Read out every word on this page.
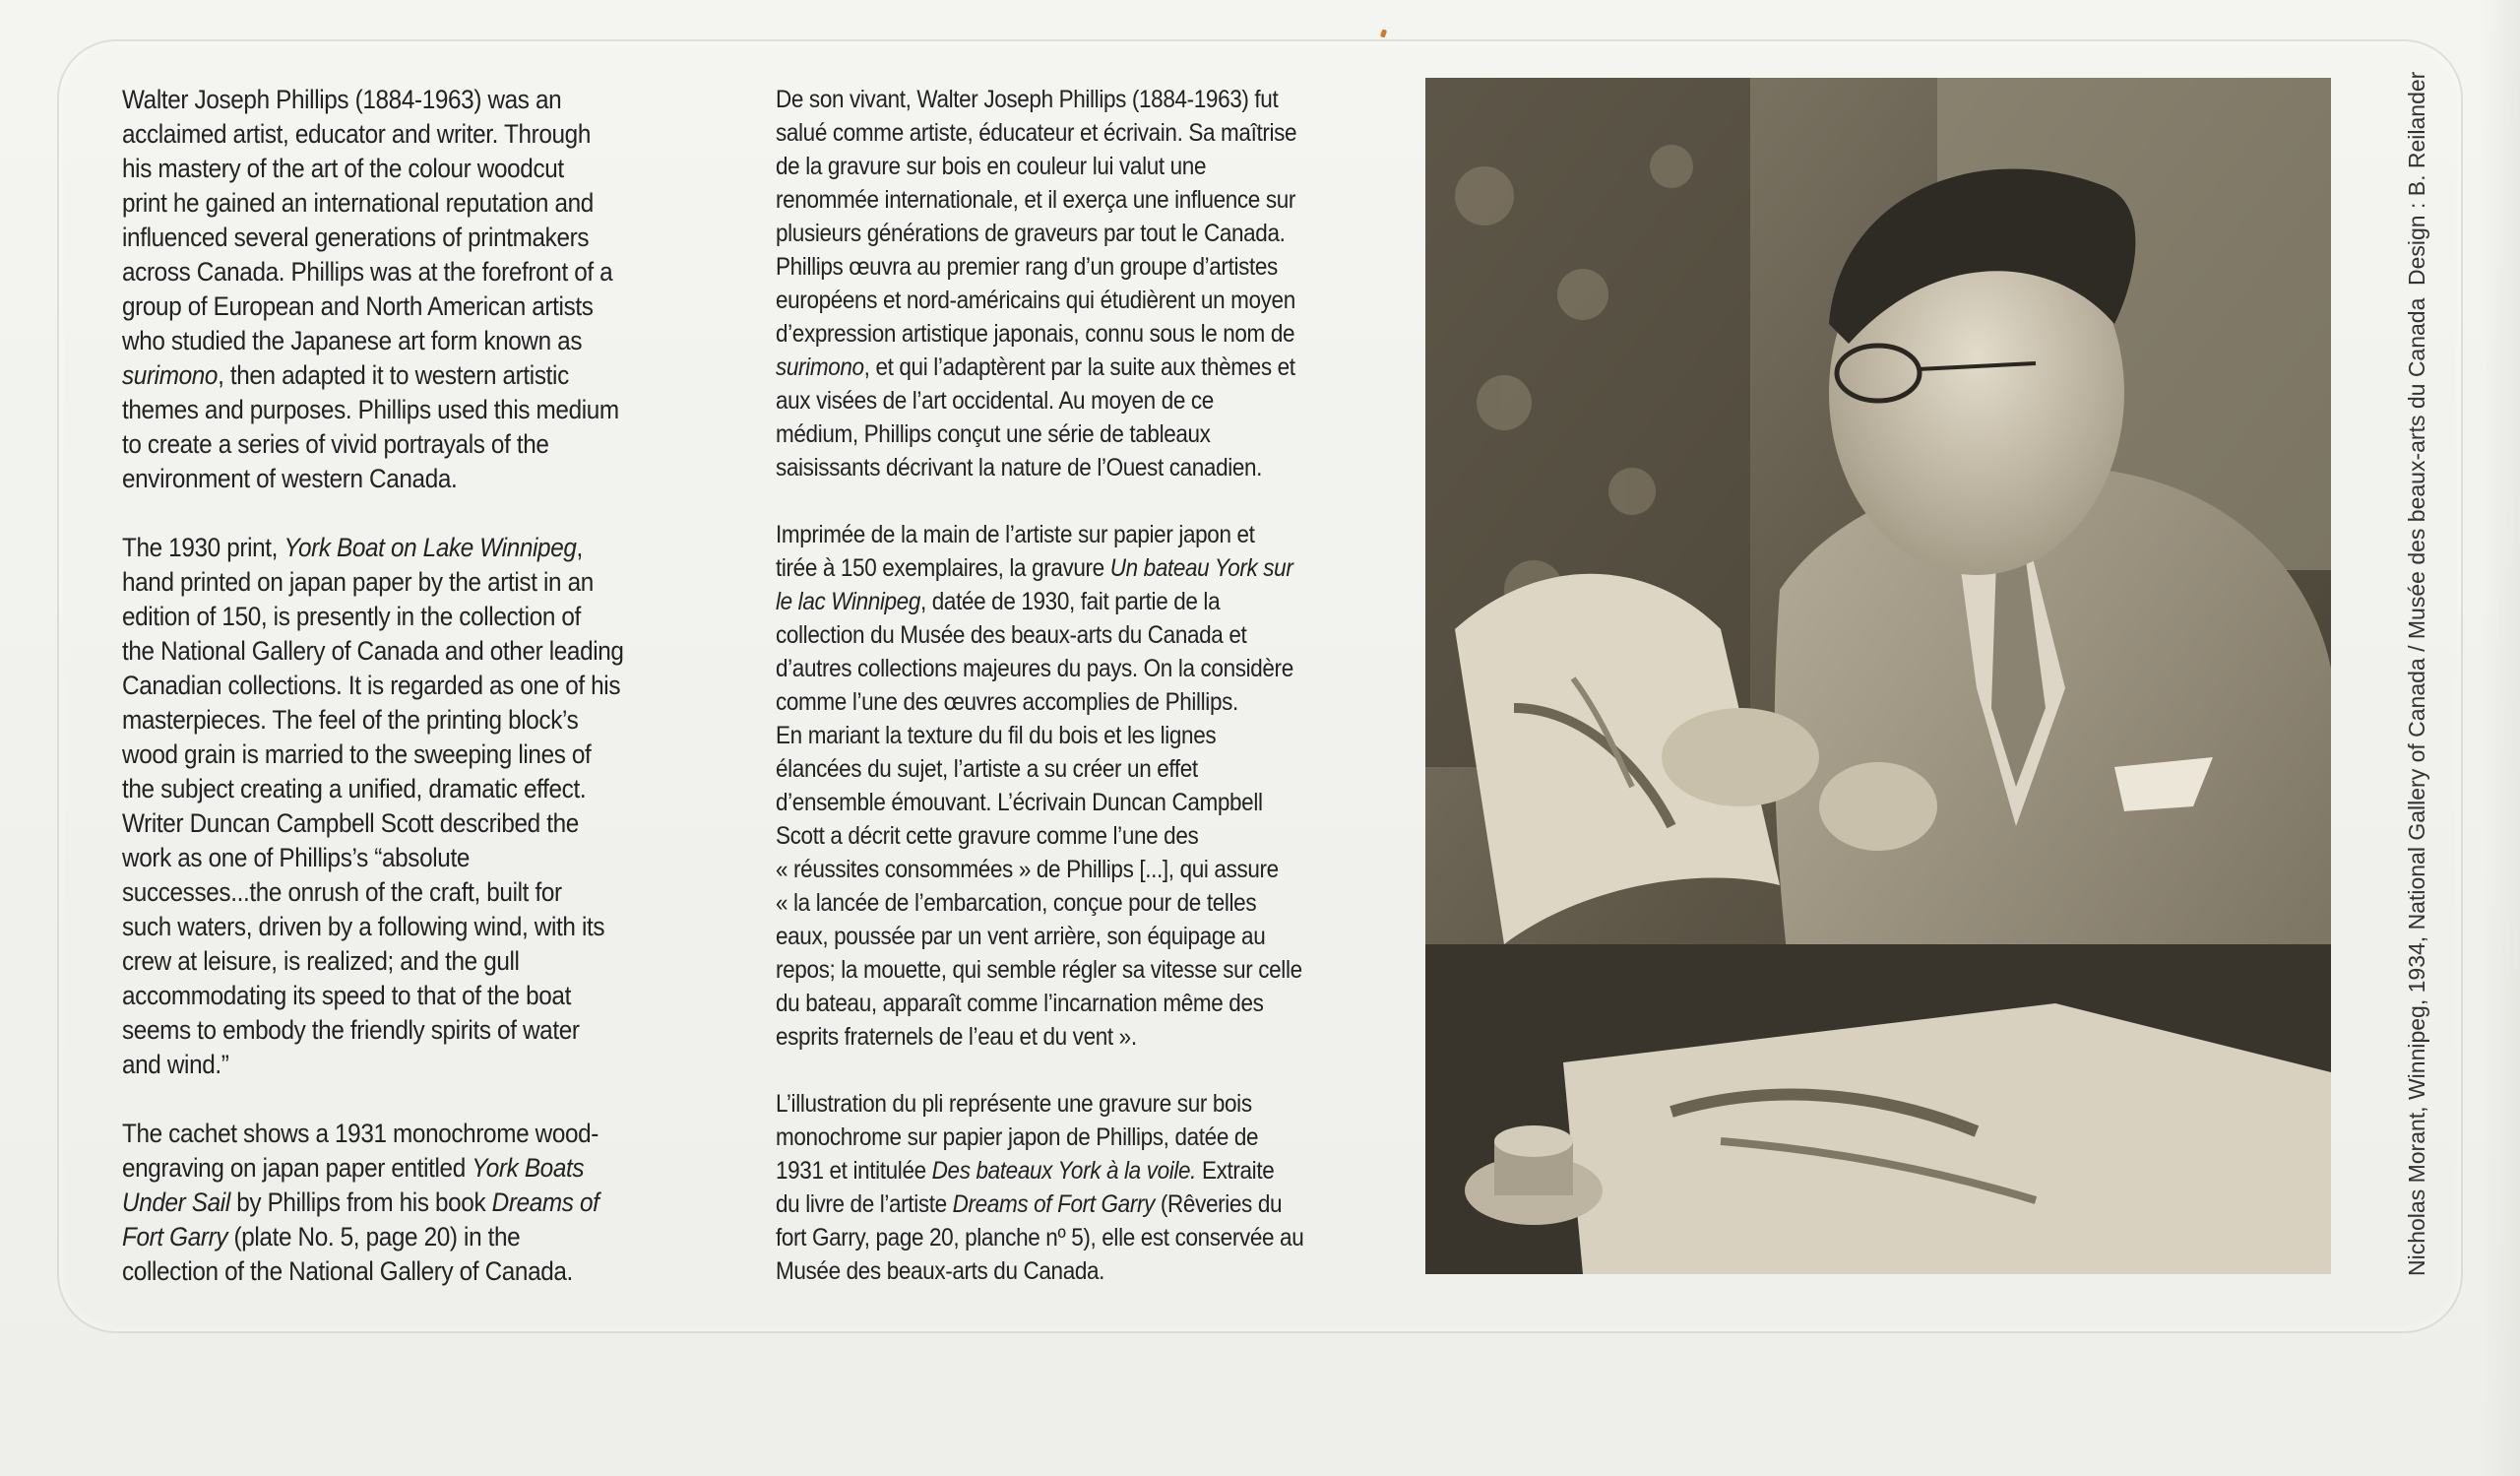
Walter Joseph Phillips (1884-1963) was an
acclaimed artist, educator and writer. Through
his mastery of the art of the colour woodcut
print he gained an international reputation and
influenced several generations of printmakers
across Canada. Phillips was at the forefront of a
group of European and North American artists
who studied the Japanese art form known as
surimono, then adapted it to western artistic
themes and purposes. Phillips used this medium
to create a series of vivid portrayals of the
environment of western Canada.

The 1930 print, York Boat on Lake Winnipeg,
hand printed on japan paper by the artist in an
edition of 150, is presently in the collection of
the National Gallery of Canada and other leading
Canadian collections. It is regarded as one of his
masterpieces. The feel of the printing block’s
wood grain is married to the sweeping lines of
the subject creating a unified, dramatic effect.
Writer Duncan Campbell Scott described the
work as one of Phillips’s “absolute
successes...the onrush of the craft, built for
such waters, driven by a following wind, with its
crew at leisure, is realized; and the gull
accommodating its speed to that of the boat
seems to embody the friendly spirits of water
and wind.”

The cachet shows a 1931 monochrome wood-
engraving on japan paper entitled York Boats
Under Sail by Phillips from his book Dreams of
Fort Garry (plate No. 5, page 20) in the
collection of the National Gallery of Canada.

De son vivant, Walter Joseph Phillips (1884-1963) fut
salué comme artiste, éducateur et écrivain. Sa maîtrise
de la gravure sur bois en couleur lui valut une
renommée internationale, et il exerça une influence sur
plusieurs générations de graveurs par tout le Canada.
Phillips œuvra au premier rang d’un groupe d’artistes
européens et nord-américains qui étudièrent un moyen
d’expression artistique japonais, connu sous le nom de
surimono, et qui l’adaptèrent par la suite aux thèmes et
aux visées de l’art occidental. Au moyen de ce
médium, Phillips conçut une série de tableaux
saisissants décrivant la nature de l’Ouest canadien.

Imprimée de la main de l’artiste sur papier japon et
tirée à 150 exemplaires, la gravure Un bateau York sur
le lac Winnipeg, datée de 1930, fait partie de la
collection du Musée des beaux-arts du Canada et
d’autres collections majeures du pays. On la considère
comme l’une des œuvres accomplies de Phillips.
En mariant la texture du fil du bois et les lignes
élancées du sujet, l’artiste a su créer un effet
d’ensemble émouvant. L’écrivain Duncan Campbell
Scott a décrit cette gravure comme l’une des
« réussites consommées » de Phillips [...], qui assure
« la lancée de l’embarcation, conçue pour de telles
eaux, poussée par un vent arrière, son équipage au
repos; la mouette, qui semble régler sa vitesse sur celle
du bateau, apparaît comme l’incarnation même des
esprits fraternels de l’eau et du vent ».

L’illustration du pli représente une gravure sur bois
monochrome sur papier japon de Phillips, datée de
1931 et intitulée Des bateaux York à la voile. Extraite
du livre de l’artiste Dreams of Fort Garry (Rêveries du
fort Garry, page 20, planche nº 5), elle est conservée au
Musée des beaux-arts du Canada.	Nicholas Morant, Winnipeg, 1934, National Gallery of Canada / Musée des beaux-arts du Canada
Design : B. Reilander
